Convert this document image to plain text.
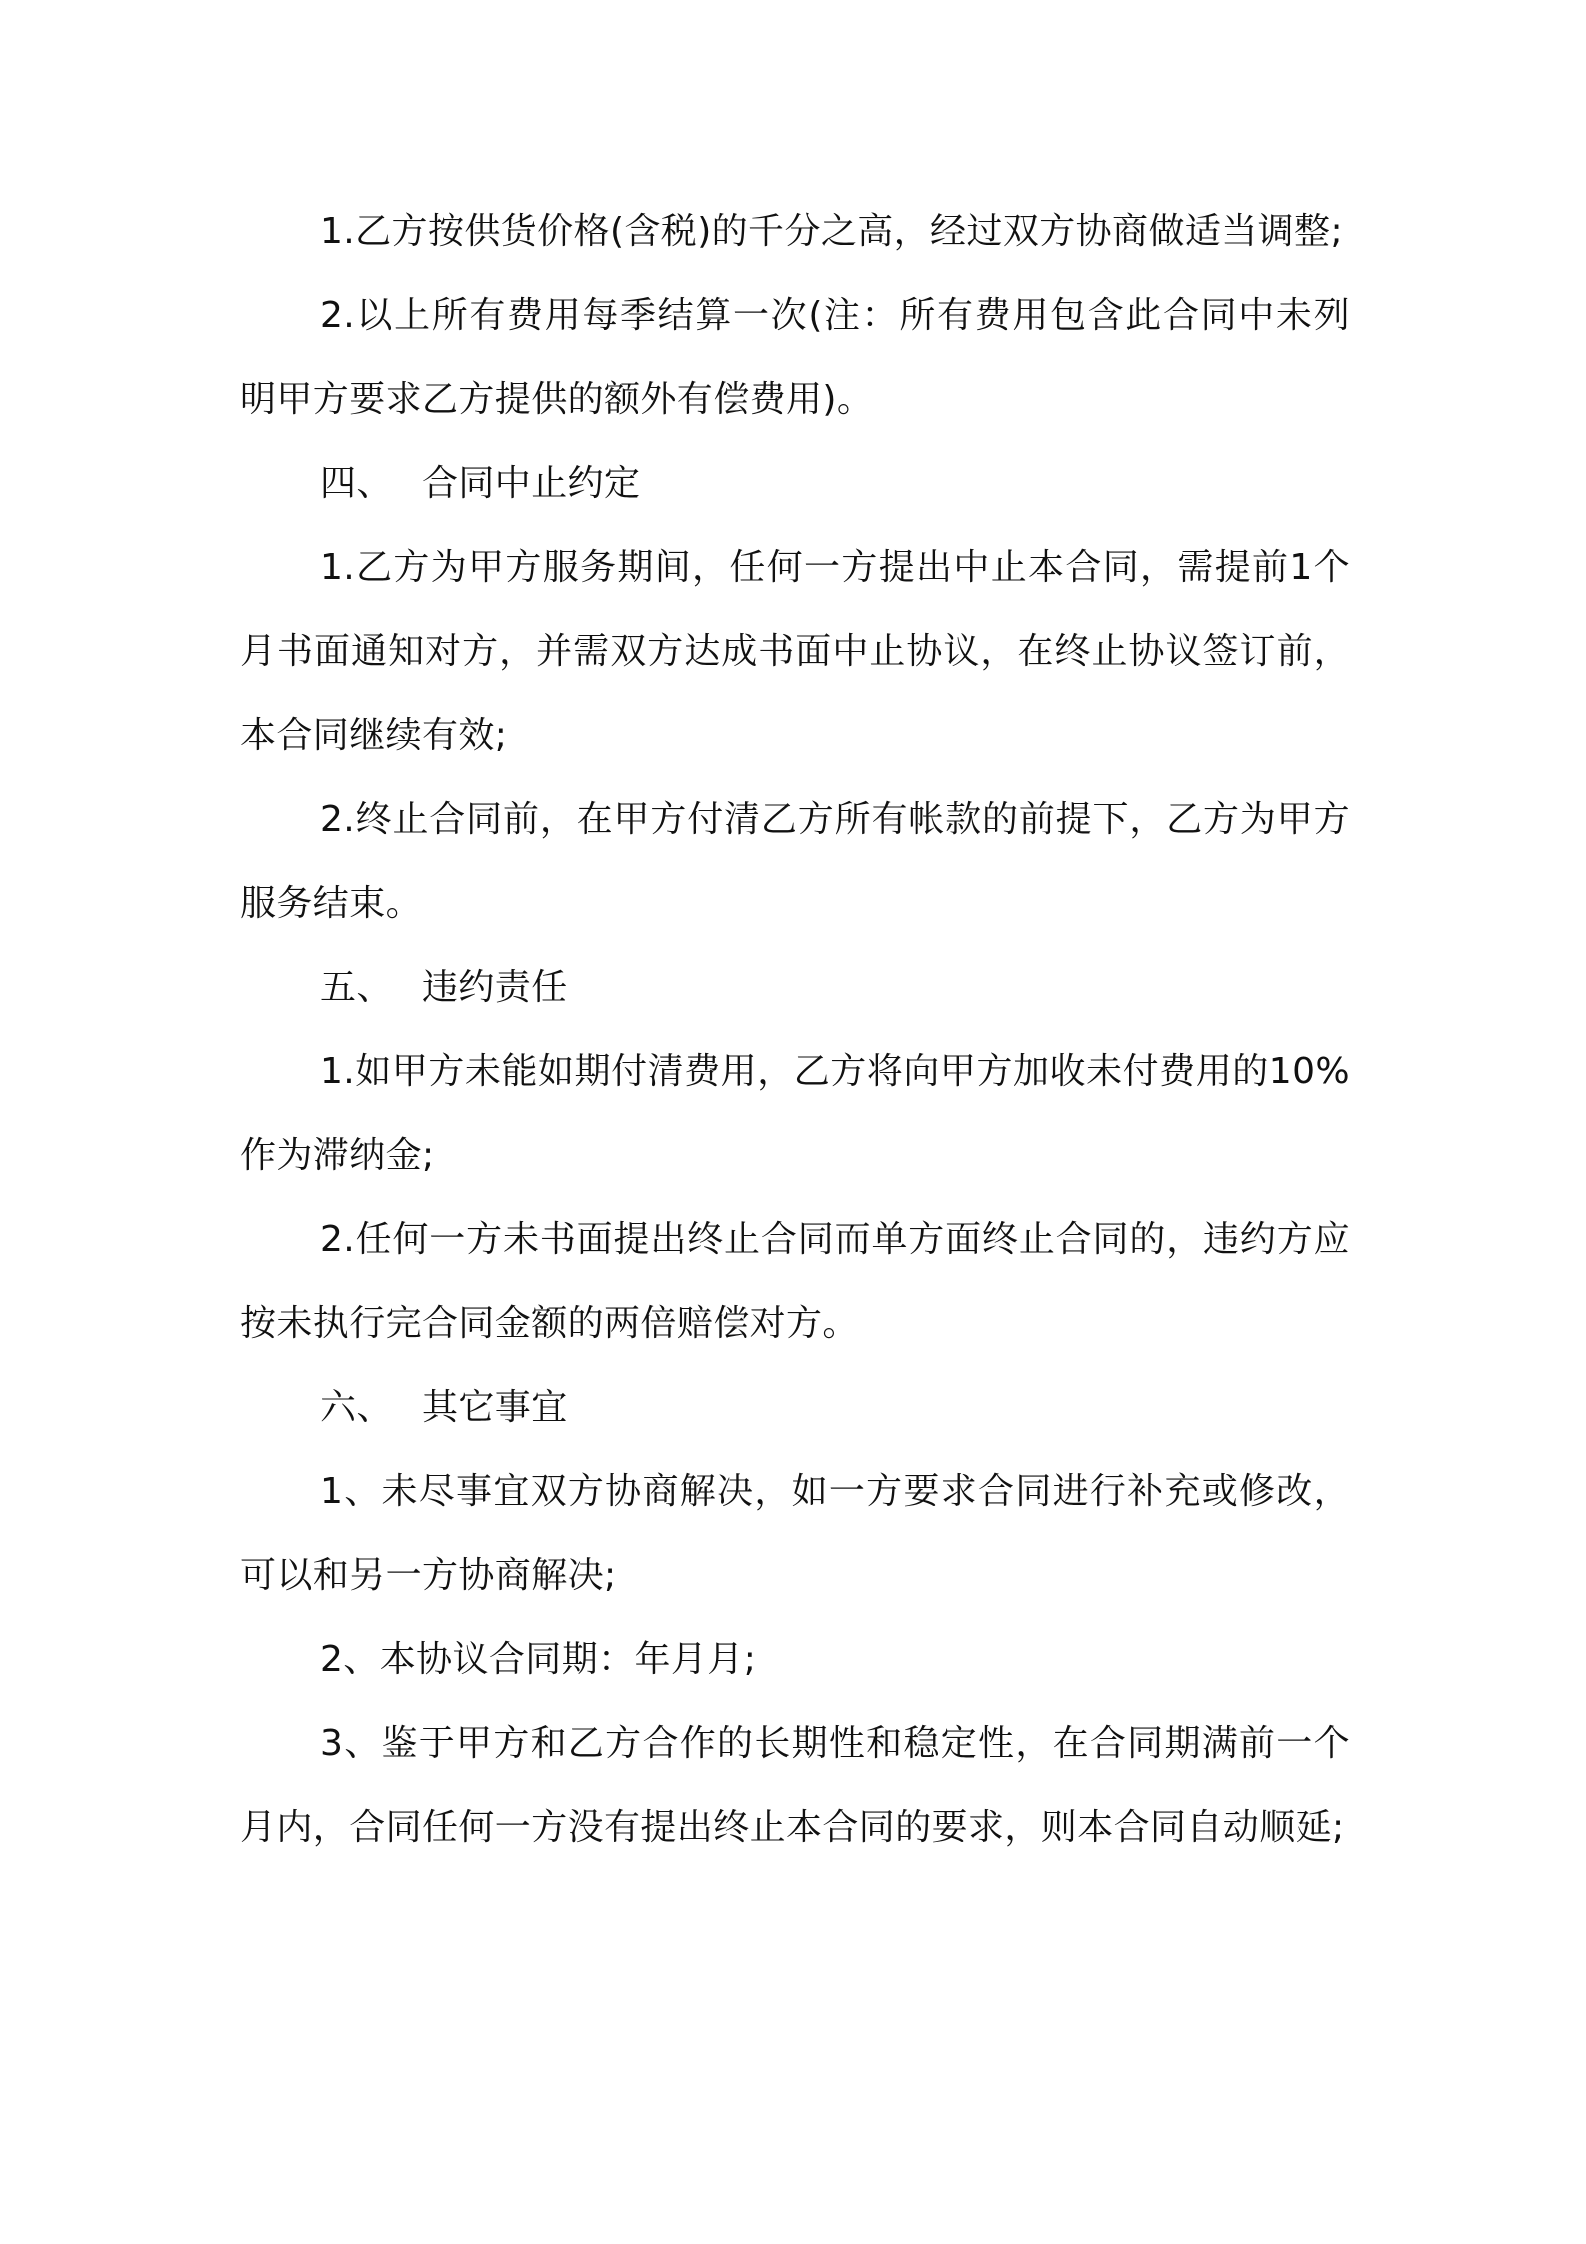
1.乙方按供货价格(含税)的千分之高，经过双方协商做适当调整;

2.以上所有费用每季结算一次(注：所有费用包含此合同中未列明甲方要求乙方提供的额外有偿费用)。

四、 合同中止约定

1.乙方为甲方服务期间，任何一方提出中止本合同，需提前1个月书面通知对方，并需双方达成书面中止协议，在终止协议签订前，本合同继续有效;

2.终止合同前，在甲方付清乙方所有帐款的前提下，乙方为甲方服务结束。

五、 违约责任

1.如甲方未能如期付清费用，乙方将向甲方加收未付费用的10%作为滞纳金;

2.任何一方未书面提出终止合同而单方面终止合同的，违约方应按未执行完合同金额的两倍赔偿对方。

六、 其它事宜

1、未尽事宜双方协商解决，如一方要求合同进行补充或修改，可以和另一方协商解决;

2、本协议合同期：年月月;

3、鉴于甲方和乙方合作的长期性和稳定性，在合同期满前一个月内，合同任何一方没有提出终止本合同的要求，则本合同自动顺延;
